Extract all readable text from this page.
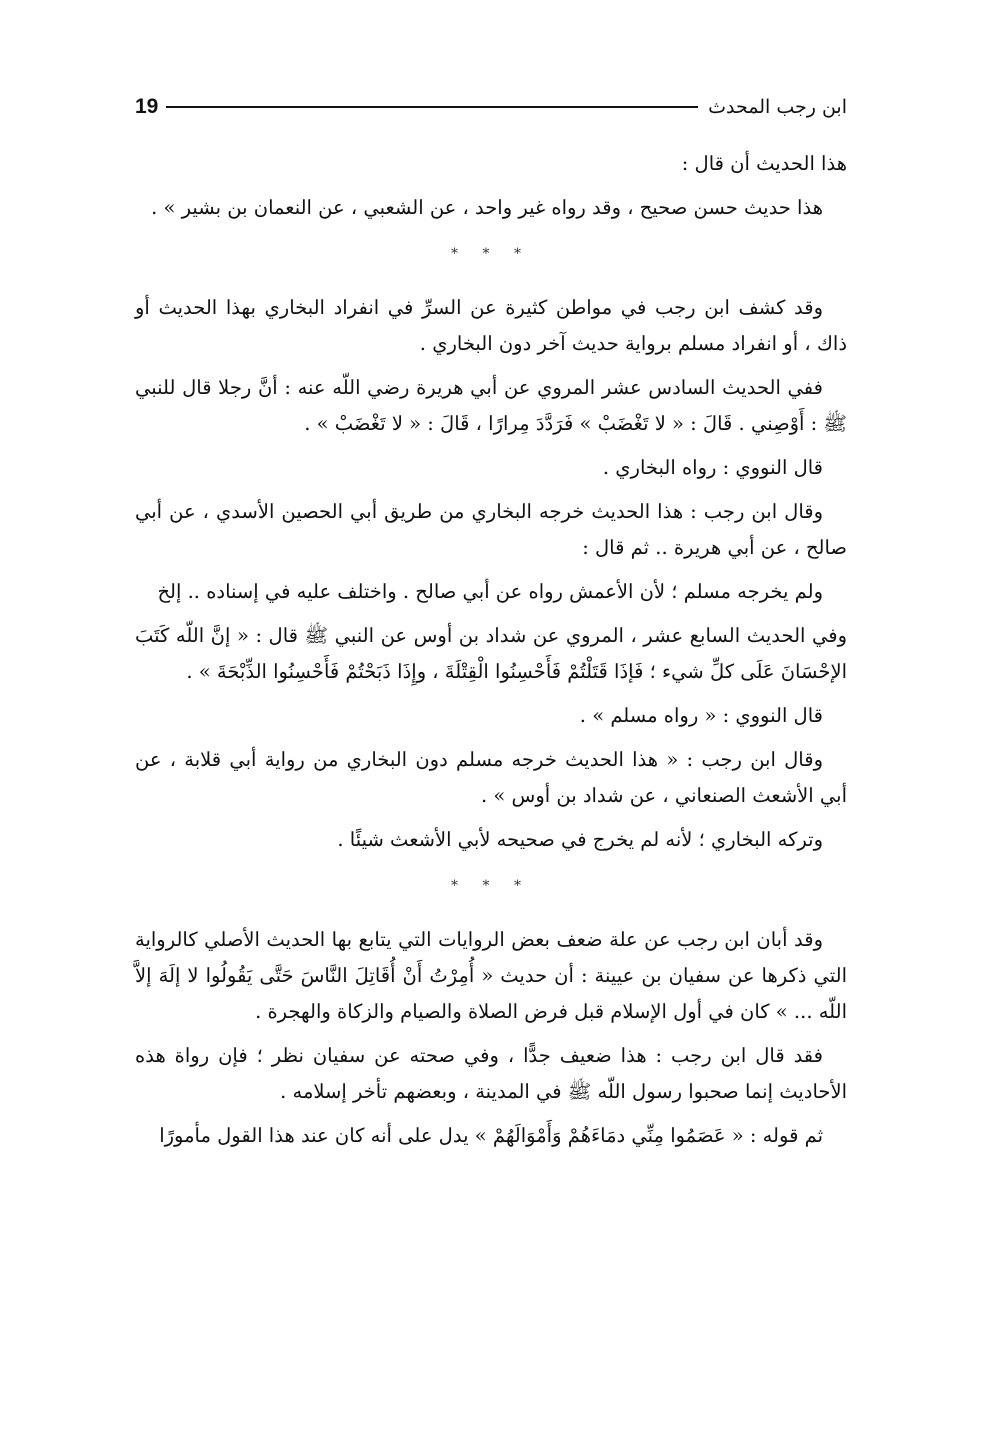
19	ابن رجب المحدث

هذا الحديث أن قال :

هذا حديث حسن صحيح ، وقد رواه غير واحد ، عن الشعبي ، عن النعمان بن بشير » .

* * *

وقد كشف ابن رجب في مواطن كثيرة عن السرِّ في انفراد البخاري بهذا الحديث أو ذاك ، أو انفراد مسلم برواية حديث آخر دون البخاري .

ففي الحديث السادس عشر المروي عن أبي هريرة رضي اللّه عنه : أنَّ رجلا قال للنبي ﷺ : أَوْصِني . قَالَ : « لا تَغْضَبْ » فَرَدَّدَ مِرارًا ، قَالَ : « لا تَغْضَبْ » .

قال النووي : رواه البخاري .

وقال ابن رجب : هذا الحديث خرجه البخاري من طريق أبي الحصين الأسدي ، عن أبي صالح ، عن أبي هريرة .. ثم قال :

ولم يخرجه مسلم ؛ لأن الأعمش رواه عن أبي صالح . واختلف عليه في إسناده .. إلخ

وفي الحديث السابع عشر ، المروي عن شداد بن أوس عن النبي ﷺ قال : « إنَّ اللّه كَتَبَ الإحْسَانَ عَلَى كلِّ شيء ؛ فَإذَا قَتَلْتُمْ فَأَحْسِنُوا الْقِتْلَةَ ، وإِذَا ذَبَحْتُمْ فَأَحْسِنُوا الذِّبْحَةَ » .

قال النووي : « رواه مسلم » .

وقال ابن رجب : « هذا الحديث خرجه مسلم دون البخاري من رواية أبي قلابة ، عن أبي الأشعث الصنعاني ، عن شداد بن أوس » .

وتركه البخاري ؛ لأنه لم يخرج في صحيحه لأبي الأشعث شيئًا .

* * *

وقد أبان ابن رجب عن علة ضعف بعض الروايات التي يتابع بها الحديث الأصلي كالرواية التي ذكرها عن سفيان بن عيينة : أن حديث « أُمِرْتُ أَنْ أُقَاتِلَ النَّاسَ حَتَّى يَقُولُوا لا إلَهَ إلاَّ اللّه ... » كان في أول الإسلام قبل فرض الصلاة والصيام والزكاة والهجرة .

فقد قال ابن رجب : هذا ضعيف جدًّا ، وفي صحته عن سفيان نظر ؛ فإن رواة هذه الأحاديث إنما صحبوا رسول اللّه ﷺ في المدينة ، وبعضهم تأخر إسلامه .

ثم قوله : « عَصَمُوا مِنِّي دمَاءَهُمْ وَأَمْوَالَهُمْ » يدل على أنه كان عند هذا القول مأمورًا
